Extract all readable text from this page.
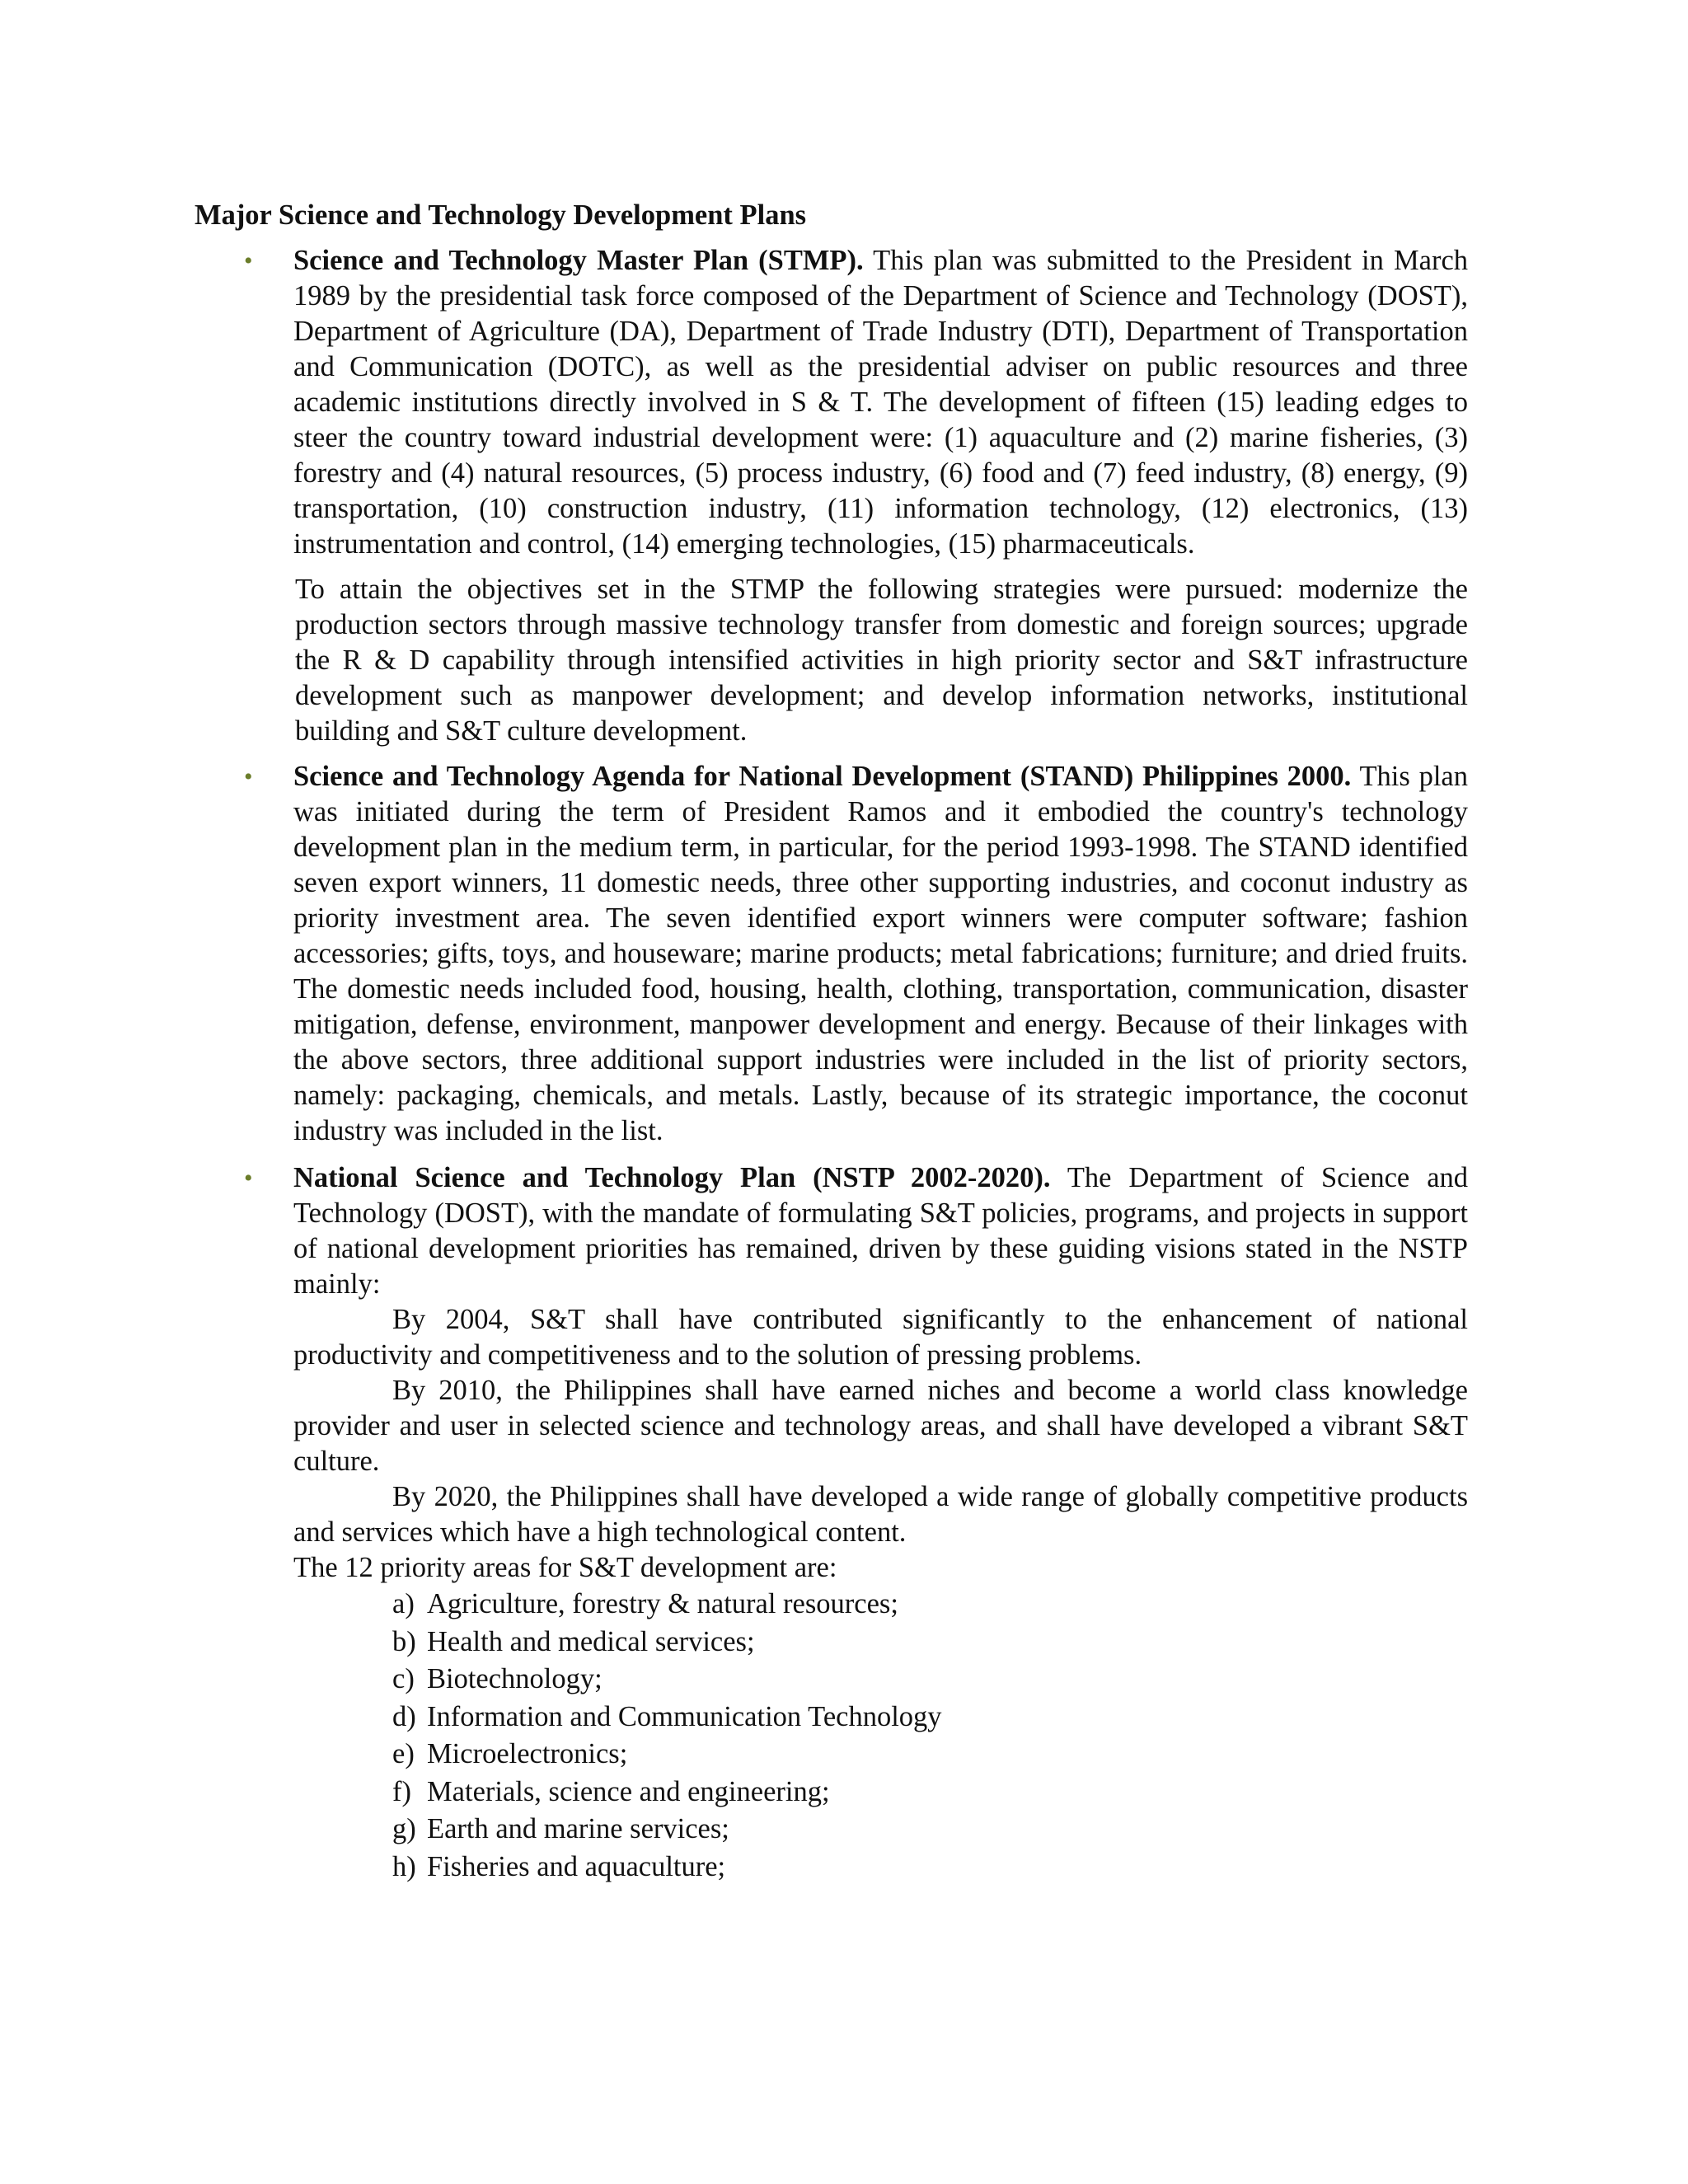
Major Science and Technology Development Plans

• Science and Technology Master Plan (STMP). This plan was submitted to the President in March 1989 by the presidential task force composed of the Department of Science and Technology (DOST), Department of Agriculture (DA), Department of Trade Industry (DTI), Department of Transportation and Communication (DOTC), as well as the presidential adviser on public resources and three academic institutions directly involved in S & T. The development of fifteen (15) leading edges to steer the country toward industrial development were: (1) aquaculture and (2) marine fisheries, (3) forestry and (4) natural resources, (5) process industry, (6) food and (7) feed industry, (8) energy, (9) transportation, (10) construction industry, (11) information technology, (12) electronics, (13) instrumentation and control, (14) emerging technologies, (15) pharmaceuticals.

To attain the objectives set in the STMP the following strategies were pursued: modernize the production sectors through massive technology transfer from domestic and foreign sources; upgrade the R & D capability through intensified activities in high priority sector and S&T infrastructure development such as manpower development; and develop information networks, institutional building and S&T culture development.

• Science and Technology Agenda for National Development (STAND) Philippines 2000. This plan was initiated during the term of President Ramos and it embodied the country's technology development plan in the medium term, in particular, for the period 1993-1998. The STAND identified seven export winners, 11 domestic needs, three other supporting industries, and coconut industry as priority investment area. The seven identified export winners were computer software; fashion accessories; gifts, toys, and houseware; marine products; metal fabrications; furniture; and dried fruits. The domestic needs included food, housing, health, clothing, transportation, communication, disaster mitigation, defense, environment, manpower development and energy. Because of their linkages with the above sectors, three additional support industries were included in the list of priority sectors, namely: packaging, chemicals, and metals. Lastly, because of its strategic importance, the coconut industry was included in the list.

• National Science and Technology Plan (NSTP 2002-2020). The Department of Science and Technology (DOST), with the mandate of formulating S&T policies, programs, and projects in support of national development priorities has remained, driven by these guiding visions stated in the NSTP mainly:

By 2004, S&T shall have contributed significantly to the enhancement of national productivity and competitiveness and to the solution of pressing problems.

By 2010, the Philippines shall have earned niches and become a world class knowledge provider and user in selected science and technology areas, and shall have developed a vibrant S&T culture.

By 2020, the Philippines shall have developed a wide range of globally competitive products and services which have a high technological content.

The 12 priority areas for S&T development are:

a) Agriculture, forestry & natural resources;
b) Health and medical services;
c) Biotechnology;
d) Information and Communication Technology
e) Microelectronics;
f) Materials, science and engineering;
g) Earth and marine services;
h) Fisheries and aquaculture;
